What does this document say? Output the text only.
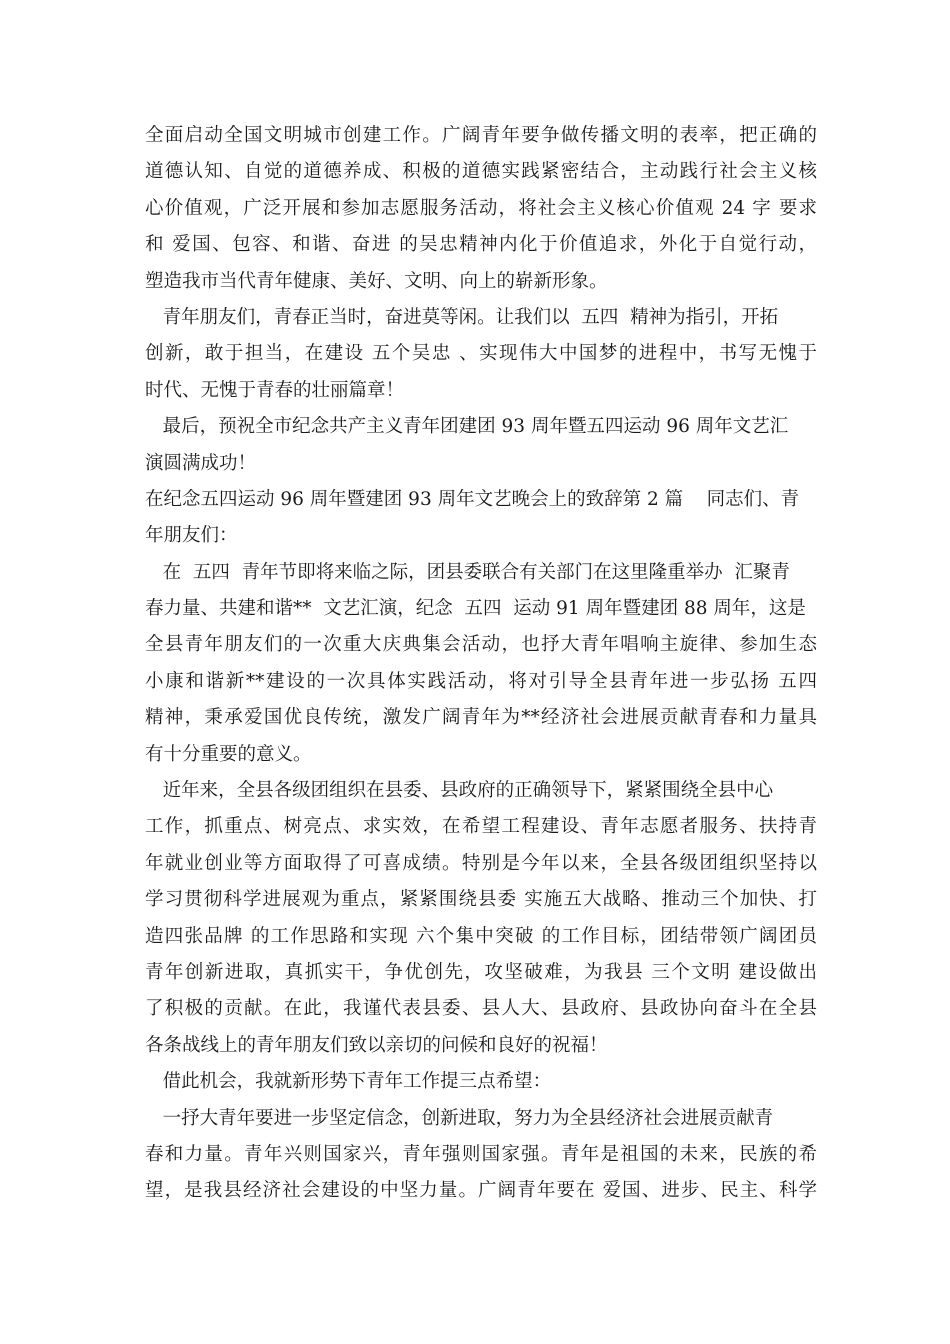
全面启动全国文明城市创建工作。广阔青年要争做传播文明的表率，把正确的
道德认知、自觉的道德养成、积极的道德实践紧密结合，主动践行社会主义核
心价值观，广泛开展和参加志愿服务活动，将社会主义核心价值观 24 字 要求
和 爱国、包容、和谐、奋进 的吴忠精神内化于价值追求，外化于自觉行动，
塑造我市当代青年健康、美好、文明、向上的崭新形象。
青年朋友们，青春正当时，奋进莫等闲。让我们以  五四  精神为指引，开拓
创新，敢于担当，在建设 五个吴忠 、实现伟大中国梦的进程中，书写无愧于
时代、无愧于青春的壮丽篇章！
最后，预祝全市纪念共产主义青年团建团 93 周年暨五四运动 96 周年文艺汇
演圆满成功！
在纪念五四运动 96 周年暨建团 93 周年文艺晚会上的致辞第 2 篇    同志们、青
年朋友们：
在  五四  青年节即将来临之际，团县委联合有关部门在这里隆重举办  汇聚青
春力量、共建和谐**  文艺汇演，纪念  五四  运动 91 周年暨建团 88 周年，这是
全县青年朋友们的一次重大庆典集会活动，也抒大青年唱响主旋律、参加生态
小康和谐新**建设的一次具体实践活动，将对引导全县青年进一步弘扬 五四
精神，秉承爱国优良传统，激发广阔青年为**经济社会进展贡献青春和力量具
有十分重要的意义。
近年来，全县各级团组织在县委、县政府的正确领导下，紧紧围绕全县中心
工作，抓重点、树亮点、求实效，在希望工程建设、青年志愿者服务、扶持青
年就业创业等方面取得了可喜成绩。特别是今年以来，全县各级团组织坚持以
学习贯彻科学进展观为重点，紧紧围绕县委 实施五大战略、推动三个加快、打
造四张品牌 的工作思路和实现 六个集中突破 的工作目标，团结带领广阔团员
青年创新进取，真抓实干，争优创先，攻坚破难，为我县 三个文明 建设做出
了积极的贡献。在此，我谨代表县委、县人大、县政府、县政协向奋斗在全县
各条战线上的青年朋友们致以亲切的问候和良好的祝福！
借此机会，我就新形势下青年工作提三点希望：
一抒大青年要进一步坚定信念，创新进取，努力为全县经济社会进展贡献青
春和力量。青年兴则国家兴，青年强则国家强。青年是祖国的未来，民族的希
望，是我县经济社会建设的中坚力量。广阔青年要在 爱国、进步、民主、科学
